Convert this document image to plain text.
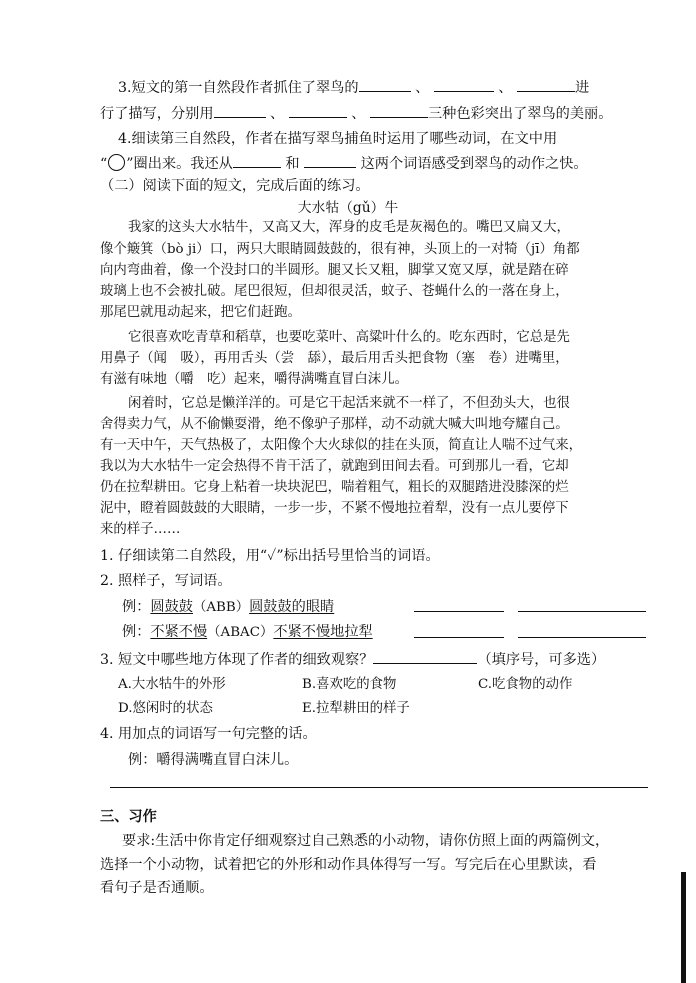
3.短文的第一自然段作者抓住了翠鸟的	、	、	进
行了描写，分别用	、	、	三种色彩突出了翠鸟的美丽。
4.细读第三自然段，作者在描写翠鸟捕鱼时运用了哪些动词，在文中用
“○”圈出来。我还从	和	这两个词语感受到翠鸟的动作之快。
（二）阅读下面的短文，完成后面的练习。
大水牯（gǔ）牛
我家的这头大水牯牛，又高又大，浑身的皮毛是灰褐色的。嘴巴又扁又大，
像个簸箕（bò ji）口，两只大眼睛圆鼓鼓的，很有神，头顶上的一对犄（jī）角都
向内弯曲着，像一个没封口的半圆形。腿又长又粗，脚掌又宽又厚，就是踏在碎
玻璃上也不会被扎破。尾巴很短，但却很灵活，蚊子、苍蝇什么的一落在身上，
那尾巴就甩动起来，把它们赶跑。
它很喜欢吃青草和稻草，也要吃菜叶、高粱叶什么的。吃东西时，它总是先
用鼻子（闻　吸），再用舌头（尝　舔），最后用舌头把食物（塞　卷）进嘴里，
有滋有味地（嚼　吃）起来，嚼得满嘴直冒白沫儿。
闲着时，它总是懒洋洋的。可是它干起活来就不一样了，不但劲头大，也很
舍得卖力气，从不偷懒耍滑，绝不像驴子那样，动不动就大喊大叫地夸耀自己。
有一天中午，天气热极了，太阳像个大火球似的挂在头顶，简直让人喘不过气来，
我以为大水牯牛一定会热得不肯干活了，就跑到田间去看。可到那儿一看，它却
仍在拉犁耕田。它身上粘着一块块泥巴，喘着粗气，粗长的双腿踏进没膝深的烂
泥中，瞪着圆鼓鼓的大眼睛，一步一步，不紧不慢地拉着犁，没有一点儿要停下
来的样子……
1. 仔细读第二自然段，用“✓”标出括号里恰当的词语。
2. 照样子，写词语。
例：圆鼓鼓（ABB）圆鼓鼓的眼睛
例：不紧不慢（ABAC）不紧不慢地拉犁
3. 短文中哪些地方体现了作者的细致观察？	（填序号，可多选）
A.大水牯牛的外形	B.喜欢吃的食物	C.吃食物的动作
D.悠闲时的状态	E.拉犁耕田的样子
4. 用加点的词语写一句完整的话。
例：嚼得满嘴直冒白沫儿。
三、习作
要求:生活中你肯定仔细观察过自己熟悉的小动物，请你仿照上面的两篇例文，
选择一个小动物，试着把它的外形和动作具体得写一写。写完后在心里默读，看
看句子是否通顺。
